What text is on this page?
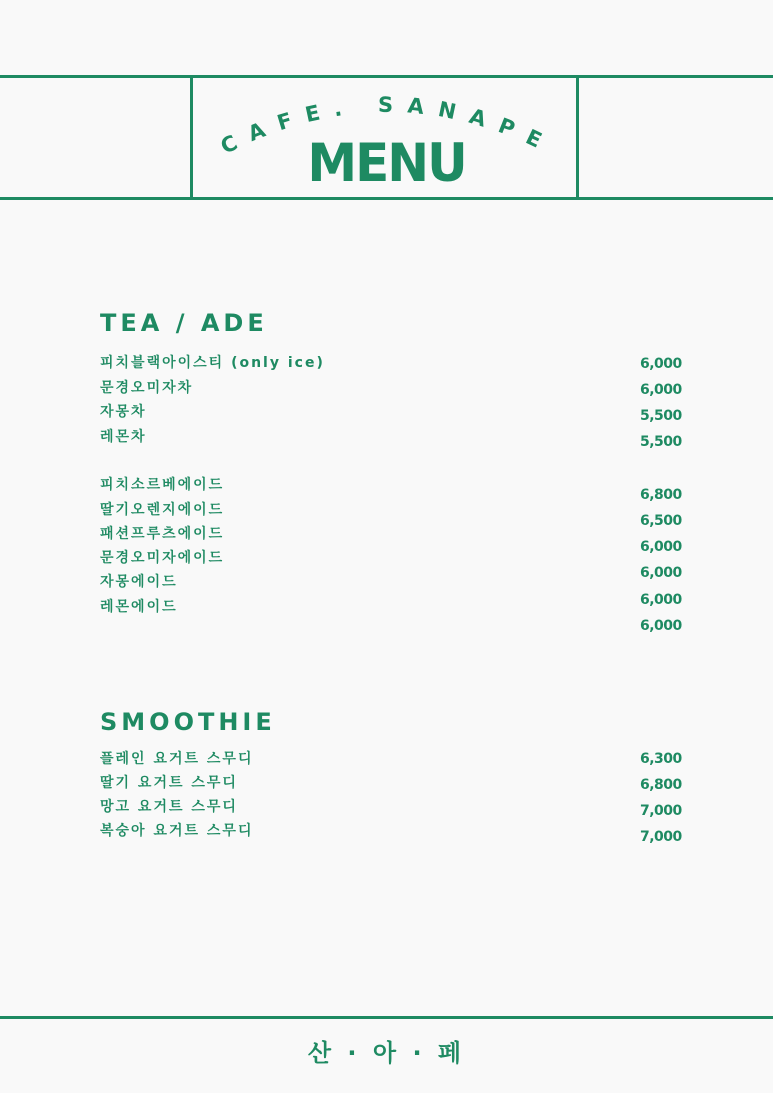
CAFE. SANAPE
MENU
TEA / ADE
피치블랙아이스티 (only ice)
문경오미자차
자몽차
레몬차
피치소르베에이드
딸기오렌지에이드
패션프루츠에이드
문경오미자에이드
자몽에이드
레몬에이드
6,000
6,000
5,500
5,500
6,800
6,500
6,000
6,000
6,000
6,000
SMOOTHIE
플레인 요거트 스무디
딸기 요거트 스무디
망고 요거트 스무디
복숭아 요거트 스무디
6,300
6,800
7,000
7,000
산 · 아 · 페
